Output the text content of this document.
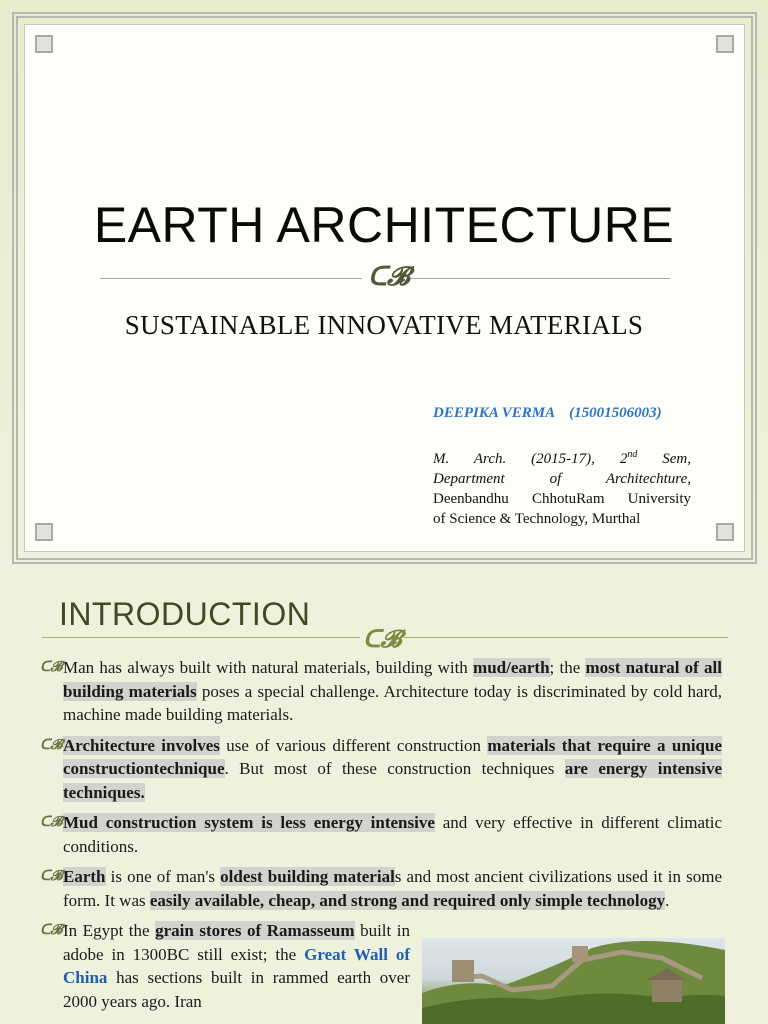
EARTH ARCHITECTURE
ᑕ𝓑
SUSTAINABLE INNOVATIVE MATERIALS
DEEPIKA VERMA (15001506003)
M. Arch. (2015-17), 2nd Sem,
Department of Architechture,
Deenbandhu ChhotuRam University
of Science & Technology, Murthal
INTRODUCTION
ᑕ𝓑
ᑕ𝓑 Man has always built with natural materials, building with mud/earth; the most natural of all building materials poses a special challenge. Architecture today is discriminated by cold hard, machine made building materials.
ᑕ𝓑 Architecture involves use of various different construction materials that require a unique constructiontechnique. But most of these construction techniques are energy intensive techniques.
ᑕ𝓑 Mud construction system is less energy intensive and very effective in different climatic conditions.
ᑕ𝓑 Earth is one of man's oldest building materials and most ancient civilizations used it in some form. It was easily available, cheap, and strong and required only simple technology.
ᑕ𝓑 In Egypt the grain stores of Ramasseum built in adobe in 1300BC still exist; the Great Wall of China has sections built in rammed earth over 2000 years ago. Iran
